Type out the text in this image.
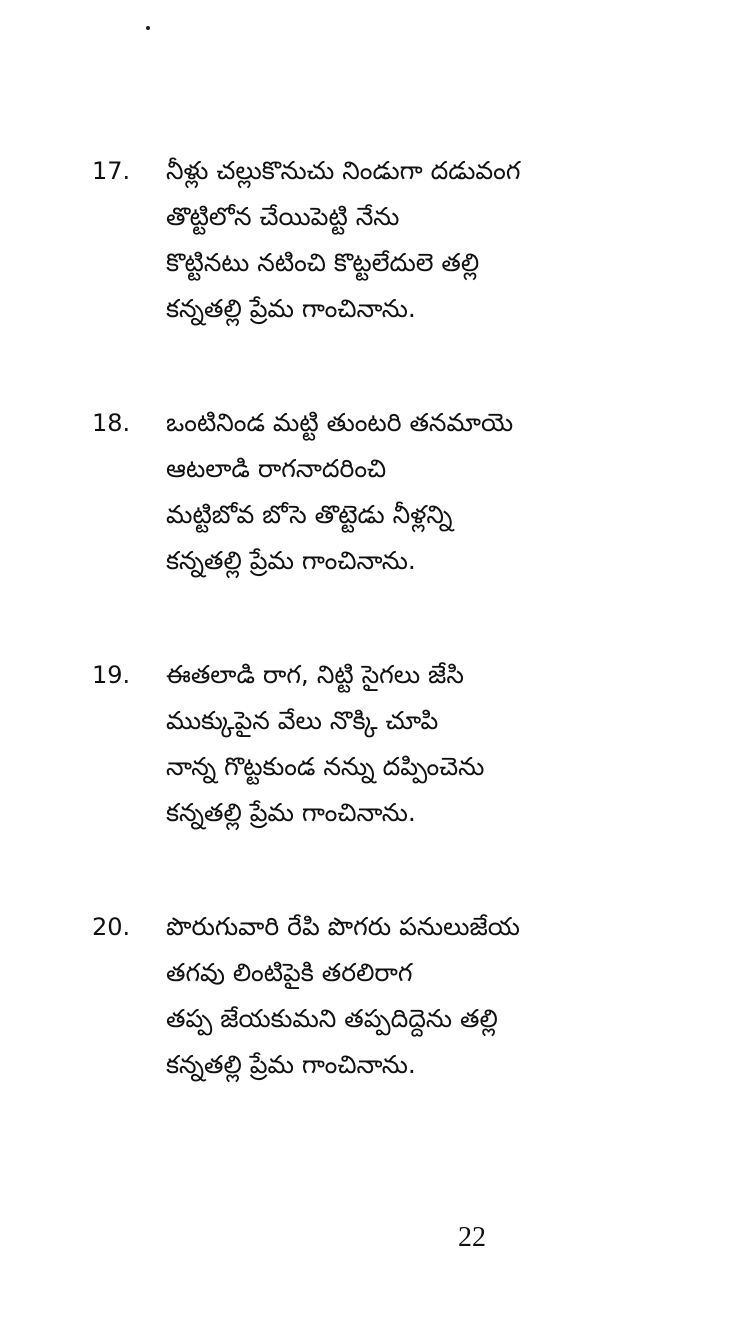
17. నీళ్లు చల్లుకొనుచు నిండుగా దడువంగ
తొట్టిలోన చేయిపెట్టి నేను
కొట్టినటు నటించి కొట్టలేదులె తల్లి
కన్నతల్లి ప్రేమ గాంచినాను.
18. ఒంటినిండ మట్టి తుంటరి తనమాయె
ఆటలాడి రాగనాదరించి
మట్టిబోవ బోసె తొట్టెడు నీళ్లన్ని
కన్నతల్లి ప్రేమ గాంచినాను.
19. ఈతలాడి రాగ, నిట్టి సైగలు జేసి
ముక్కుపైన వేలు నొక్కి చూపి
నాన్న గొట్టకుండ నన్ను దప్పించెను
కన్నతల్లి ప్రేమ గాంచినాను.
20. పొరుగువారి రేపి పొగరు పనులుజేయ
తగవు లింటిపైకి తరలిరాగ
తప్ప జేయకుమని తప్పదిద్దెను తల్లి
కన్నతల్లి ప్రేమ గాంచినాను.
22
